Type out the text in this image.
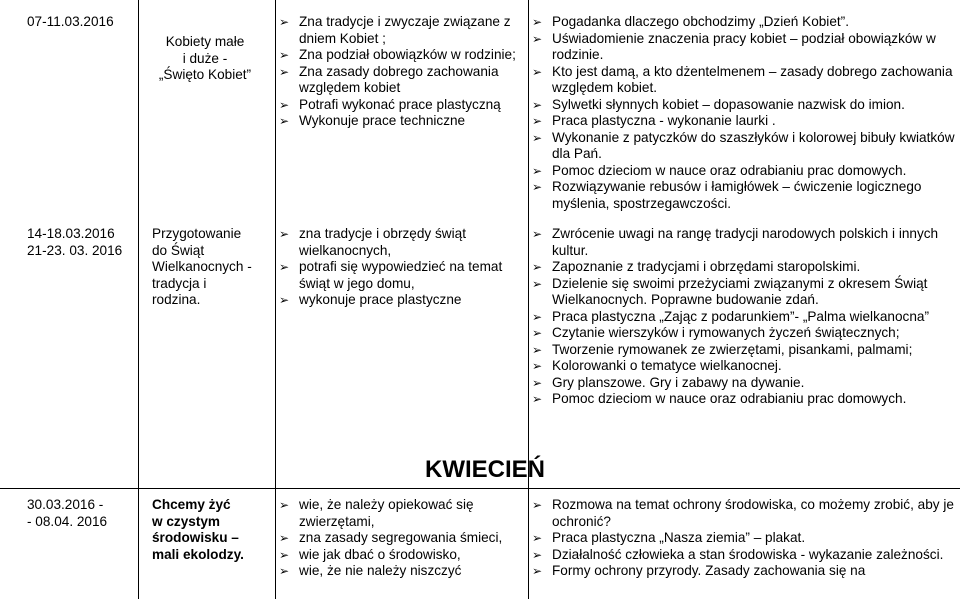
07-11.03.2016
Kobiety małe
i duże -
„Święto Kobiet”
➢ Zna tradycje i zwyczaje związane z dniem Kobiet ;
➢ Zna podział obowiązków w rodzinie;
➢ Zna zasady dobrego zachowania względem kobiet
➢ Potrafi wykonać prace plastyczną
➢ Wykonuje prace techniczne
➢ Pogadanka dlaczego obchodzimy „Dzień Kobiet”.
➢ Uświadomienie znaczenia pracy kobiet – podział obowiązków w rodzinie.
➢ Kto jest damą, a kto dżentelmenem – zasady dobrego zachowania względem kobiet.
➢ Sylwetki słynnych kobiet – dopasowanie nazwisk do imion.
➢ Praca plastyczna - wykonanie laurki .
➢ Wykonanie z patyczków do szaszłyków i kolorowej bibuły kwiatków dla Pań.
➢ Pomoc dzieciom w nauce oraz odrabianiu prac domowych.
➢ Rozwiązywanie rebusów i łamigłówek – ćwiczenie logicznego myślenia, spostrzegawczości.
14-18.03.2016
21-23. 03. 2016
Przygotowanie
do Świąt
Wielkanocnych -
tradycja i
rodzina.
➢ zna tradycje i obrzędy świąt wielkanocnych,
➢ potrafi się wypowiedzieć na temat świąt w jego domu,
➢ wykonuje prace plastyczne
➢ Zwrócenie uwagi na rangę tradycji narodowych polskich i innych kultur.
➢ Zapoznanie z tradycjami i obrzędami staropolskimi.
➢ Dzielenie się swoimi przeżyciami związanymi z okresem Świąt Wielkanocnych. Poprawne budowanie zdań.
➢ Praca plastyczna „Zając z podarunkiem”- „Palma wielkanocna”
➢ Czytanie wierszyków i rymowanych życzeń świątecznych;
➢ Tworzenie rymowanek ze zwierzętami, pisankami, palmami;
➢ Kolorowanki o tematyce wielkanocnej.
➢ Gry planszowe. Gry i zabawy na dywanie.
➢ Pomoc dzieciom w nauce oraz odrabianiu prac domowych.
KWIECIEŃ
30.03.2016 -
- 08.04. 2016
Chcemy żyć
w czystym
środowisku –
mali ekolodzy.
➢ wie, że należy opiekować się zwierzętami,
➢ zna zasady segregowania śmieci,
➢ wie jak dbać o środowisko,
➢ wie, że nie należy niszczyć
➢ Rozmowa na temat ochrony środowiska, co możemy zrobić, aby je ochronić?
➢ Praca plastyczna „Nasza ziemia” – plakat.
➢ Działalność człowieka a stan środowiska - wykazanie zależności.
➢ Formy ochrony przyrody. Zasady zachowania się na
